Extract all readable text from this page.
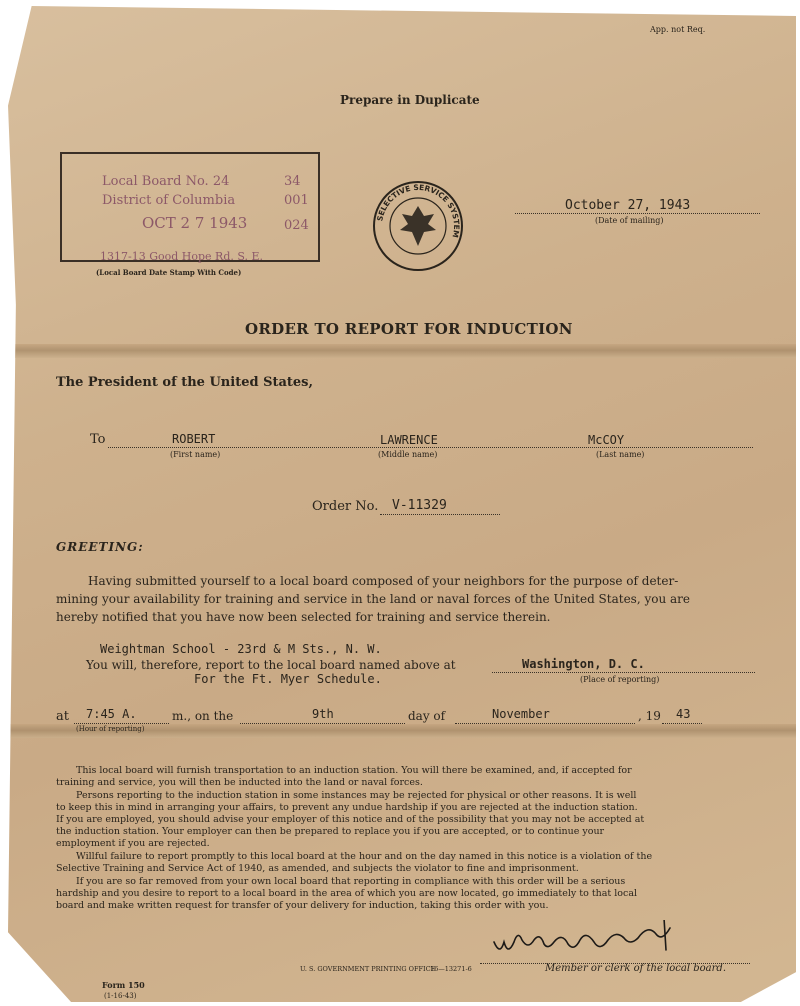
App. not Req.
Prepare in Duplicate
Local Board No. 24	34
District of Columbia	001
OCT 2 7 1943	024
1317-13 Good Hope Rd. S. E.
(Local Board Date Stamp With Code)
SELECTIVE SERVICE SYSTEM
October 27, 1943
(Date of mailing)
ORDER TO REPORT FOR INDUCTION
The President of the United States,
To	ROBERT	LAWRENCE	McCOY
(First name)	(Middle name)	(Last name)
Order No. V-11329
GREETING:
Having submitted yourself to a local board composed of your neighbors for the purpose of deter-
mining your availability for training and service in the land or naval forces of the United States, you are
hereby notified that you have now been selected for training and service therein.
Weightman School - 23rd & M Sts., N. W.
You will, therefore, report to the local board named above at	Washington, D. C.
For the Ft. Myer Schedule.	(Place of reporting)
at 7:45 A.	m., on the
(Hour of reporting)
9th	day of	November	, 19 43
This local board will furnish transportation to an induction station. You will there be examined, and, if accepted for
training and service, you will then be inducted into the land or naval forces.
Persons reporting to the induction station in some instances may be rejected for physical or other reasons. It is well
to keep this in mind in arranging your affairs, to prevent any undue hardship if you are rejected at the induction station.
If you are employed, you should advise your employer of this notice and of the possibility that you may not be accepted at
the induction station. Your employer can then be prepared to replace you if you are accepted, or to continue your
employment if you are rejected.
Willful failure to report promptly to this local board at the hour and on the day named in this notice is a violation of the
Selective Training and Service Act of 1940, as amended, and subjects the violator to fine and imprisonment.
If you are so far removed from your own local board that reporting in compliance with this order will be a serious
hardship and you desire to report to a local board in the area of which you are now located, go immediately to that local
board and make written request for transfer of your delivery for induction, taking this order with you.
U. S. GOVERNMENT PRINTING OFFICE
16—13271-6	Member or clerk of the local board.
Form 150
(1-16-43)
